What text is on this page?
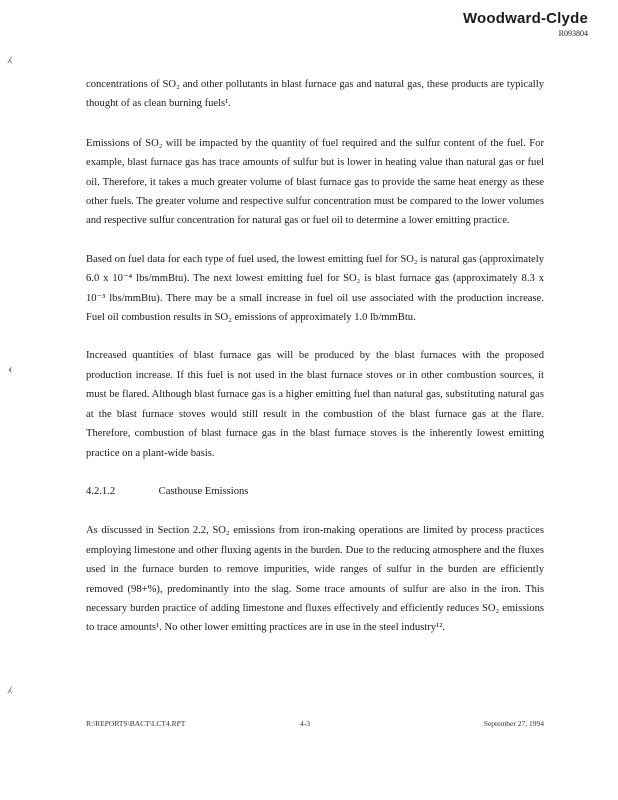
Woodward-Clyde
R093804
⁁
‹
⁁

concentrations of SO₂ and other pollutants in blast furnace gas and natural gas, these products are typically thought of as clean burning fuels¹.

Emissions of SO₂ will be impacted by the quantity of fuel required and the sulfur content of the fuel. For example, blast furnace gas has trace amounts of sulfur but is lower in heating value than natural gas or fuel oil. Therefore, it takes a much greater volume of blast furnace gas to provide the same heat energy as these other fuels. The greater volume and respective sulfur concentration must be compared to the lower volumes and respective sulfur concentration for natural gas or fuel oil to determine a lower emitting practice.

Based on fuel data for each type of fuel used, the lowest emitting fuel for SO₂ is natural gas (approximately 6.0 x 10⁻⁴ lbs/mmBtu). The next lowest emitting fuel for SO₂ is blast furnace gas (approximately 8.3 x 10⁻³ lbs/mmBtu). There may be a small increase in fuel oil use associated with the production increase. Fuel oil combustion results in SO₂ emissions of approximately 1.0 lb/mmBtu.

Increased quantities of blast furnace gas will be produced by the blast furnaces with the proposed production increase. If this fuel is not used in the blast furnace stoves or in other combustion sources, it must be flared. Although blast furnace gas is a higher emitting fuel than natural gas, substituting natural gas at the blast furnace stoves would still result in the combustion of the blast furnace gas at the flare. Therefore, combustion of blast furnace gas in the blast furnace stoves is the inherently lowest emitting practice on a plant-wide basis.

4.2.1.2	Casthouse Emissions

As discussed in Section 2.2, SO₂ emissions from iron-making operations are limited by process practices employing limestone and other fluxing agents in the burden. Due to the reducing atmosphere and the fluxes used in the furnace burden to remove impurities, wide ranges of sulfur in the burden are efficiently removed (98+%), predominantly into the slag. Some trace amounts of sulfur are also in the iron. This necessary burden practice of adding limestone and fluxes effectively and efficiently reduces SO₂ emissions to trace amounts¹. No other lower emitting practices are in use in the steel industry¹².

R:\REPORTS\BACT\LCT4.RPT	4-3	September 27, 1994
